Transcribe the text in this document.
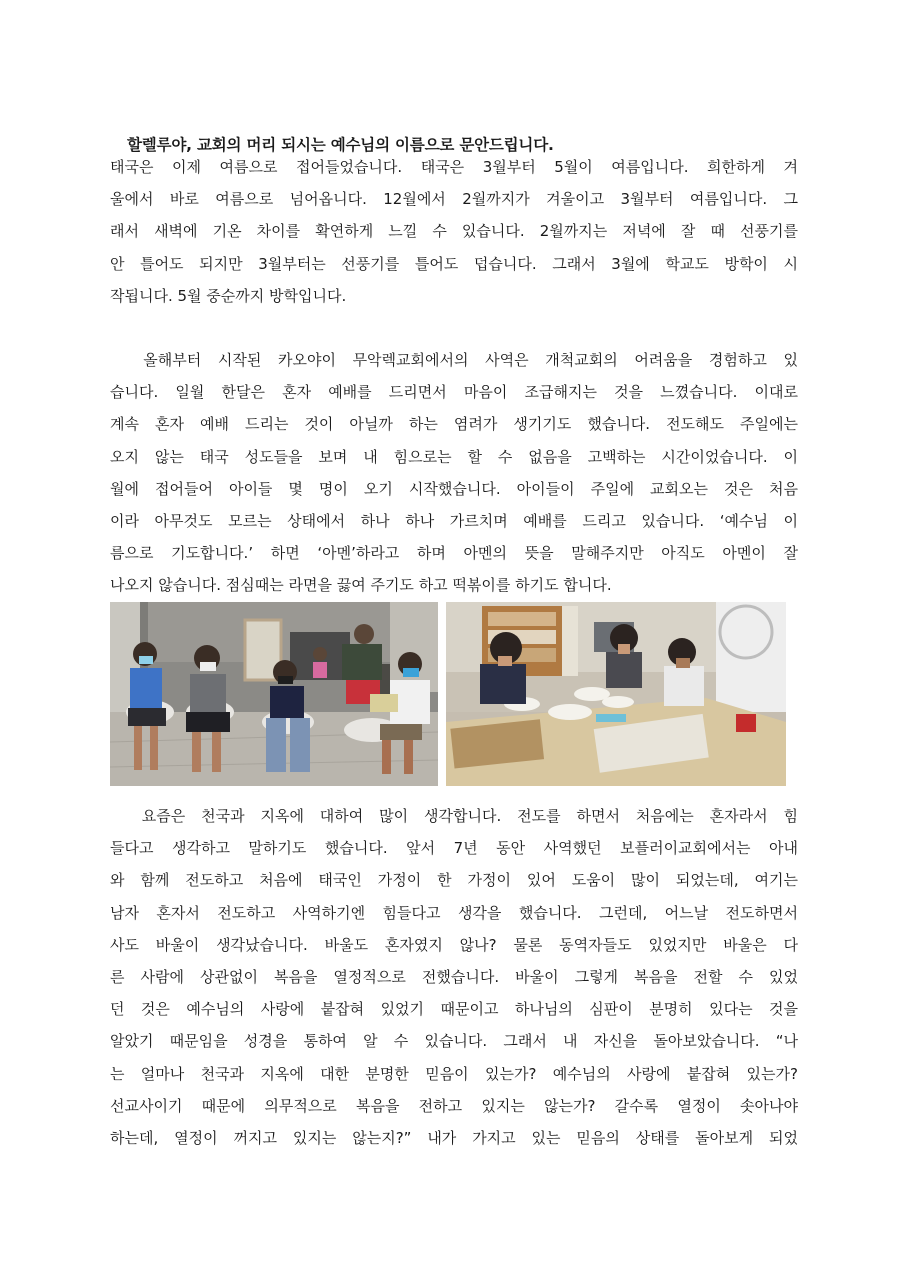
할렐루야, 교회의 머리 되시는 예수님의 이름으로 문안드립니다.
태국은 이제 여름으로 접어들었습니다. 태국은 3월부터 5월이 여름입니다. 희한하게 겨
울에서 바로 여름으로 넘어옵니다. 12월에서 2월까지가 겨울이고 3월부터 여름입니다. 그
래서 새벽에 기온 차이를 확연하게 느낄 수 있습니다. 2월까지는 저녁에 잘 때 선풍기를
안 틀어도 되지만 3월부터는 선풍기를 틀어도 덥습니다. 그래서 3월에 학교도 방학이 시
작됩니다. 5월 중순까지 방학입니다.
올해부터 시작된 카오야이 무악렉교회에서의 사역은 개척교회의 어려움을 경험하고 있
습니다. 일월 한달은 혼자 예배를 드리면서 마음이 조급해지는 것을 느꼈습니다. 이대로
계속 혼자 예배 드리는 것이 아닐까 하는 염려가 생기기도 했습니다. 전도해도 주일에는
오지 않는 태국 성도들을 보며 내 힘으로는 할 수 없음을 고백하는 시간이었습니다. 이
월에 접어들어 아이들 몇 명이 오기 시작했습니다. 아이들이 주일에 교회오는 것은 처음
이라 아무것도 모르는 상태에서 하나 하나 가르치며 예배를 드리고 있습니다. ‘예수님 이
름으로 기도합니다.’ 하면 ‘아멘’하라고 하며 아멘의 뜻을 말해주지만 아직도 아멘이 잘
나오지 않습니다. 점심때는 라면을 끓여 주기도 하고 떡볶이를 하기도 합니다.
요즘은 천국과 지옥에 대하여 많이 생각합니다. 전도를 하면서 처음에는 혼자라서 힘
들다고 생각하고 말하기도 했습니다. 앞서 7년 동안 사역했던 보플러이교회에서는 아내
와 함께 전도하고 처음에 태국인 가정이 한 가정이 있어 도움이 많이 되었는데, 여기는
남자 혼자서 전도하고 사역하기엔 힘들다고 생각을 했습니다. 그런데, 어느날 전도하면서
사도 바울이 생각났습니다. 바울도 혼자였지 않나? 물론 동역자들도 있었지만 바울은 다
른 사람에 상관없이 복음을 열정적으로 전했습니다. 바울이 그렇게 복음을 전할 수 있었
던 것은 예수님의 사랑에 붙잡혀 있었기 때문이고 하나님의 심판이 분명히 있다는 것을
알았기 때문임을 성경을 통하여 알 수 있습니다. 그래서 내 자신을 돌아보았습니다. “나
는 얼마나 천국과 지옥에 대한 분명한 믿음이 있는가? 예수님의 사랑에 붙잡혀 있는가?
선교사이기 때문에 의무적으로 복음을 전하고 있지는 않는가? 갈수록 열정이 솟아나야
하는데, 열정이 꺼지고 있지는 않는지?” 내가 가지고 있는 믿음의 상태를 돌아보게 되었
